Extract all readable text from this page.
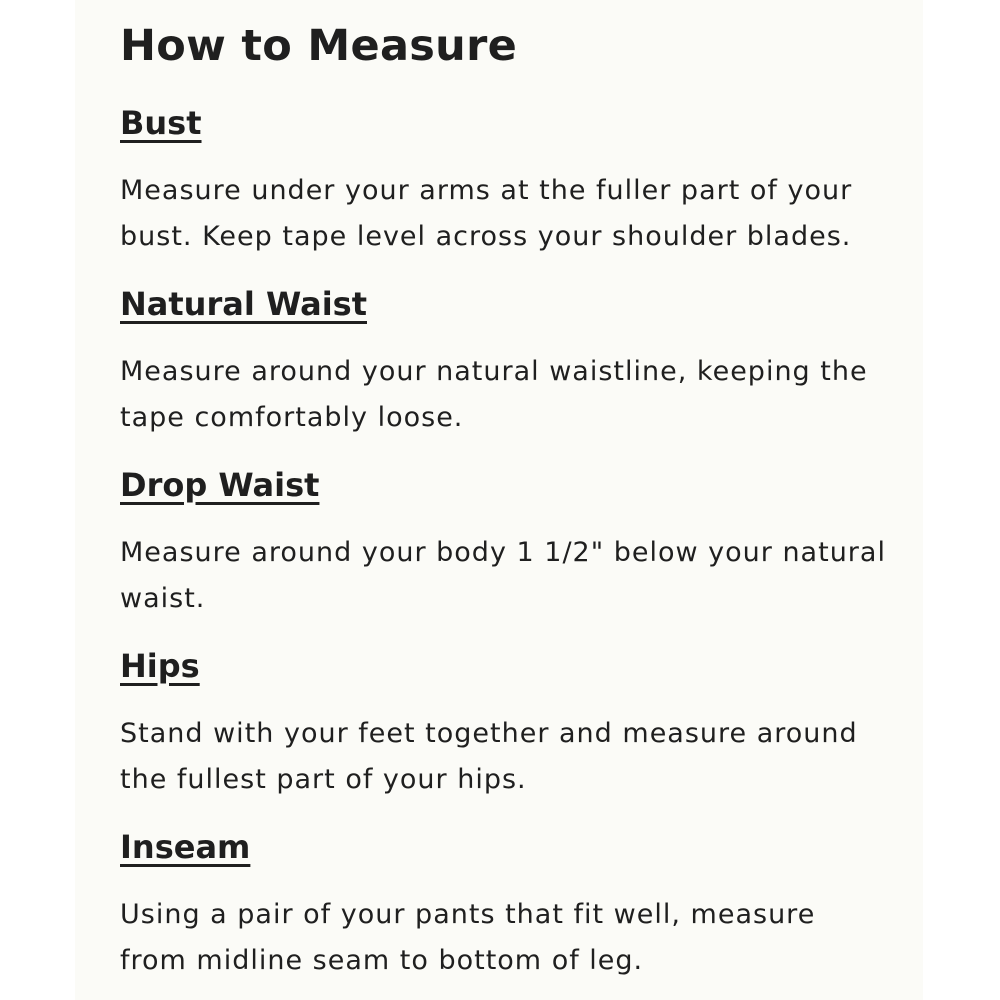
How to Measure
Bust

Measure under your arms at the fuller part of your bust. Keep tape level across your shoulder blades.

Natural Waist

Measure around your natural waistline, keeping the tape comfortably loose.

Drop Waist

Measure around your body 1 1/2" below your natural waist.

Hips

Stand with your feet together and measure around the fullest part of your hips.

Inseam

Using a pair of your pants that fit well, measure from midline seam to bottom of leg.
